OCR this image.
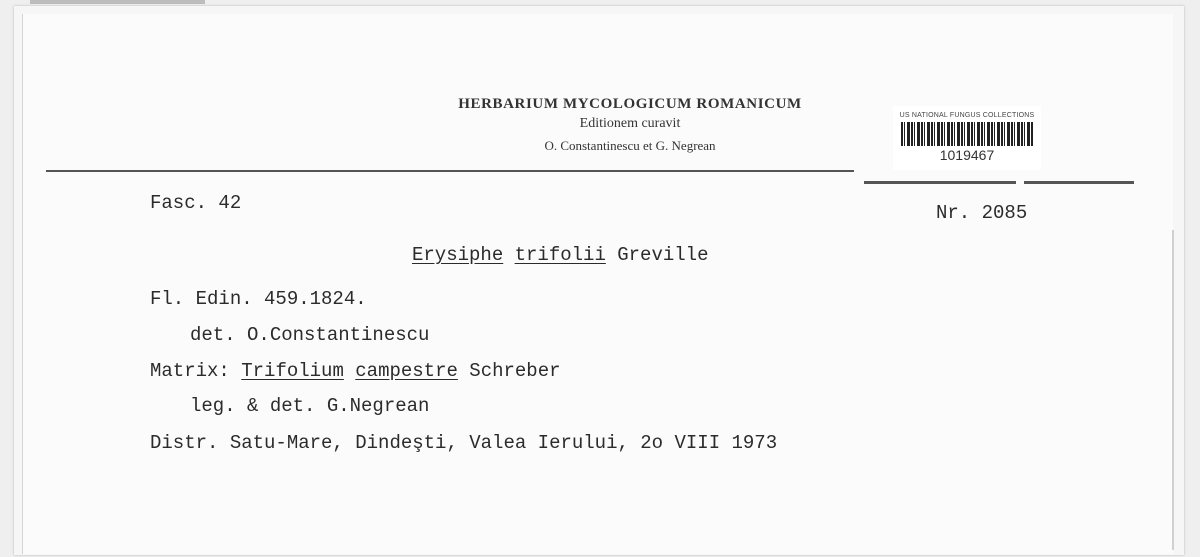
HERBARIUM MYCOLOGICUM ROMANICUM
Editionem curavit
O. Constantinescu et G. Negrean
US NATIONAL FUNGUS COLLECTIONS
1019467
Fasc. 42	Nr. 2085
Erysiphe trifolii Greville
Fl. Edin. 459.1824.
det. O.Constantinescu
Matrix: Trifolium campestre Schreber
leg. & det. G.Negrean
Distr. Satu-Mare, Dindeşti, Valea Ierului, 2o VIII 1973
